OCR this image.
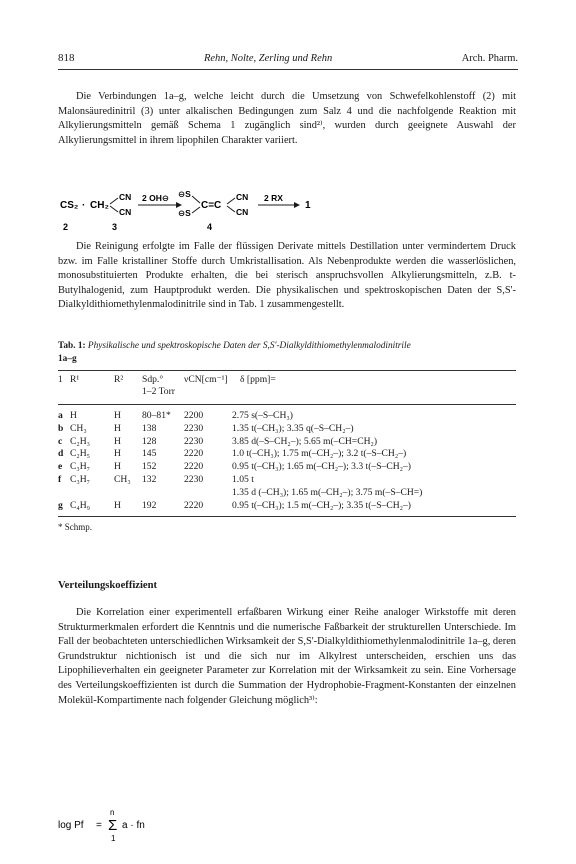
818	Rehn, Nolte, Zerling und Rehn	Arch. Pharm.
Die Verbindungen 1a–g, welche leicht durch die Umsetzung von Schwefelkohlenstoff (2) mit Malonsäuredinitril (3) unter alkalischen Bedingungen zum Salz 4 und die nachfolgende Reaktion mit Alkylierungsmitteln gemäß Schema 1 zugänglich sind²⁾, wurden durch geeignete Auswahl der Alkylierungsmittel in ihrem lipophilen Charakter variiert.
CS₂ · CH₂
CN
CN
2 OH⊖ ⊖S
⊖S
C=C
CN
CN
2 RX
1
2	3	4
Die Reinigung erfolgte im Falle der flüssigen Derivate mittels Destillation unter vermindertem Druck bzw. im Falle kristalliner Stoffe durch Umkristallisation. Als Nebenprodukte werden die wasserlöslichen, monosubstituierten Produkte erhalten, die bei sterisch anspruchsvollen Alkylierungsmitteln, z.B. t-Butylhalogenid, zum Hauptprodukt werden. Die physikalischen und spektroskopischen Daten der S,S'-Dialkyldithiomethylenmalodinitrile sind in Tab. 1 zusammengestellt.
Tab. 1: Physikalische und spektroskopische Daten der S,S'-Dialkyldithiomethylenmalodinitrile
1a–g
1 R¹	R² Sdp.°
1–2 Torr
νCN[cm⁻¹] δ [ppm]=
a	H	H	80–81*	2200	2.75 s(–S–CH₃)
b	CH₃	H	138	2230	1.35 t(–CH₃); 3.35 q(–S–CH₂–)
c	C₂H₃	H	128	2230	3.85 d(–S–CH₂–); 5.65 m(–CH=CH₂)
d	C₂H₅	H	145	2220	1.0 t(–CH₃); 1.75 m(–CH₂–); 3.2 t(–S–CH₂–)
e	C₃H₇	H	152	2220	0.95 t(–CH₃); 1.65 m(–CH₂–); 3.3 t(–S–CH₂–)
f	C₃H₇	CH₃	132	2230	1.05 t
					1.35 d (–CH₃); 1.65 m(–CH₂–); 3.75 m(–S–CH=)
g	C₄H₉	H	192	2220	0.95 t(–CH₃); 1.5 m(–CH₂–); 3.35 t(–S–CH₂–)
* Schmp.
Verteilungskoeffizient
Die Korrelation einer experimentell erfaßbaren Wirkung einer Reihe analoger Wirkstoffe mit deren Strukturmerkmalen erfordert die Kenntnis und die numerische Faßbarkeit der strukturellen Unterschiede. Im Fall der beobachteten unterschiedlichen Wirksamkeit der S,S'-Dialkyldithiomethylenmalodinitrile 1a–g, deren Grundstruktur nichtionisch ist und die sich nur im Alkylrest unterscheiden, erschien uns das Lipophilieverhalten ein geeigneter Parameter zur Korrelation mit der Wirksamkeit zu sein. Eine Vorhersage des Verteilungskoeffizienten ist durch die Summation der Hydrophobie-Fragment-Konstanten der einzelnen Molekül-Kompartimente nach folgender Gleichung möglich³⁾:
log Pf = Σ
n
1
a · fn
